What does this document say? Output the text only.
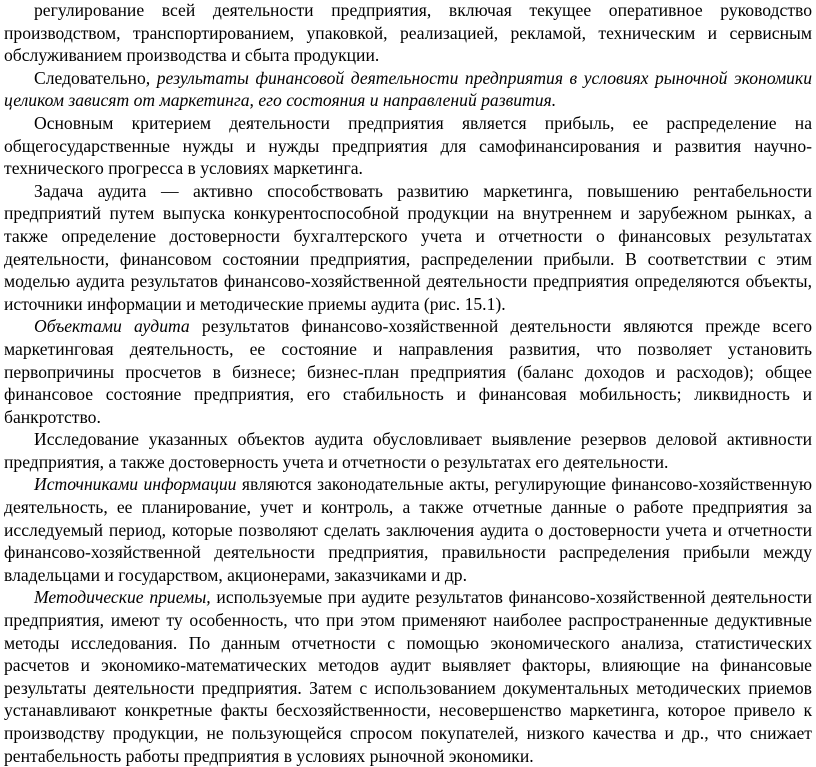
регулирование всей деятельности предприятия, включая текущее оперативное руководство производством, транспортированием, упаковкой, реализацией, рекламой, техническим и сервисным обслуживанием производства и сбыта продукции.

Следовательно, результаты финансовой деятельности предприятия в условиях рыночной экономики целиком зависят от маркетинга, его состояния и направлений развития.

Основным критерием деятельности предприятия является прибыль, ее распределение на общегосударственные нужды и нужды предприятия для самофинансирования и развития научно-технического прогресса в условиях маркетинга.

Задача аудита — активно способствовать развитию маркетинга, повышению рентабельности предприятий путем выпуска конкурентоспособной продукции на внутреннем и зарубежном рынках, а также определение достоверности бухгалтерского учета и отчетности о финансовых результатах деятельности, финансовом состоянии предприятия, распределении прибыли. В соответствии с этим моделью аудита результатов финансово-хозяйственной деятельности предприятия определяются объекты, источники информации и методические приемы аудита (рис. 15.1).

Объектами аудита результатов финансово-хозяйственной деятельности являются прежде всего маркетинговая деятельность, ее состояние и направления развития, что позволяет установить первопричины просчетов в бизнесе; бизнес-план предприятия (баланс доходов и расходов); общее финансовое состояние предприятия, его стабильность и финансовая мобильность; ликвидность и банкротство.

Исследование указанных объектов аудита обусловливает выявление резервов деловой активности предприятия, а также достоверность учета и отчетности о результатах его деятельности.

Источниками информации являются законодательные акты, регулирующие финансово-хозяйственную деятельность, ее планирование, учет и контроль, а также отчетные данные о работе предприятия за исследуемый период, которые позволяют сделать заключения аудита о достоверности учета и отчетности финансово-хозяйственной деятельности предприятия, правильности распределения прибыли между владельцами и государством, акционерами, заказчиками и др.

Методические приемы, используемые при аудите результатов финансово-хозяйственной деятельности предприятия, имеют ту особенность, что при этом применяют наиболее распространенные дедуктивные методы исследования. По данным отчетности с помощью экономического анализа, статистических расчетов и экономико-математических методов аудит выявляет факторы, влияющие на финансовые результаты деятельности предприятия. Затем с использованием документальных методических приемов устанавливают конкретные факты бесхозяйственности, несовершенство маркетинга, которое привело к производству продукции, не пользующейся спросом покупателей, низкого качества и др., что снижает рентабельность работы предприятия в условиях рыночной экономики.
